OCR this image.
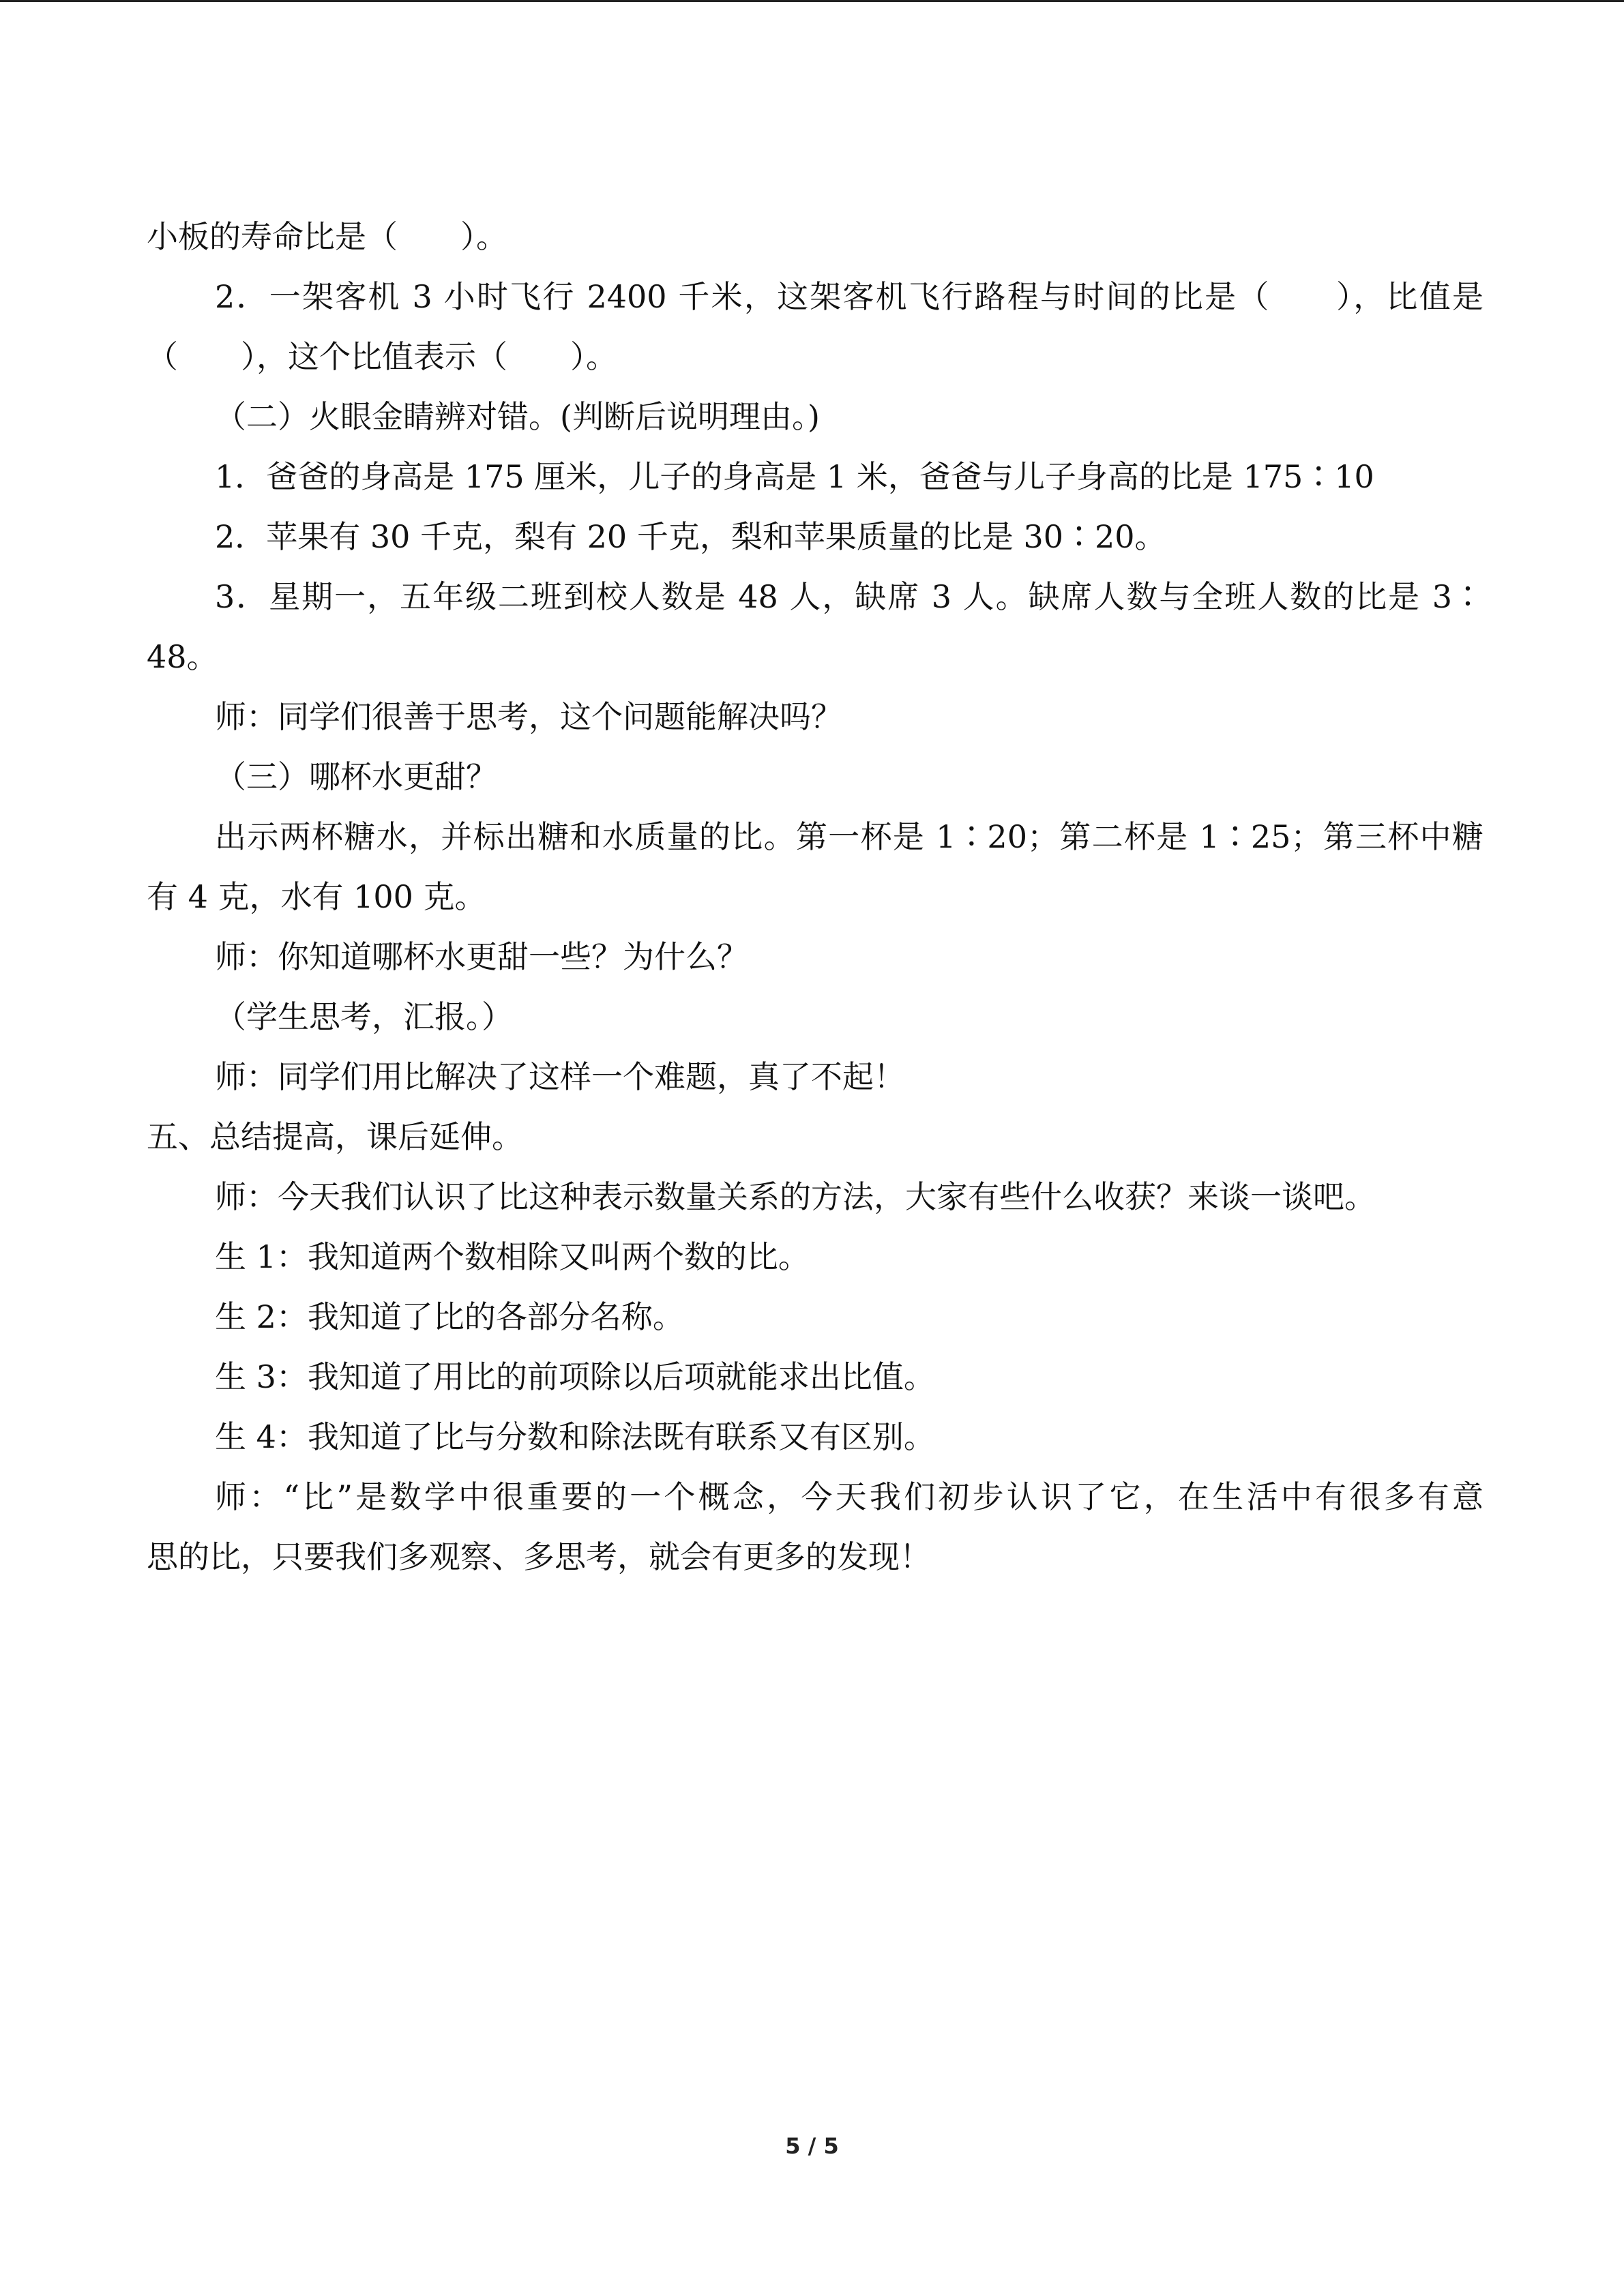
小板的寿命比是（　　）。
2．一架客机 3 小时飞行 2400 千米，这架客机飞行路程与时间的比是（　　），比值是
（　　），这个比值表示（　　）。
（二）火眼金睛辨对错。(判断后说明理由。)
1．爸爸的身高是 175 厘米，儿子的身高是 1 米，爸爸与儿子身高的比是 175∶10
2．苹果有 30 千克，梨有 20 千克，梨和苹果质量的比是 30∶20。
3．星期一，五年级二班到校人数是 48 人，缺席 3 人。缺席人数与全班人数的比是 3∶
48。
师：同学们很善于思考，这个问题能解决吗？
（三）哪杯水更甜？
出示两杯糖水，并标出糖和水质量的比。第一杯是 1∶20；第二杯是 1∶25；第三杯中糖
有 4 克，水有 100 克。
师：你知道哪杯水更甜一些？为什么？
（学生思考，汇报。）
师：同学们用比解决了这样一个难题，真了不起！
五、总结提高，课后延伸。
师：今天我们认识了比这种表示数量关系的方法，大家有些什么收获？来谈一谈吧。
生 1：我知道两个数相除又叫两个数的比。
生 2：我知道了比的各部分名称。
生 3：我知道了用比的前项除以后项就能求出比值。
生 4：我知道了比与分数和除法既有联系又有区别。
师：“比”是数学中很重要的一个概念，今天我们初步认识了它，在生活中有很多有意
思的比，只要我们多观察、多思考，就会有更多的发现！
5 / 5
